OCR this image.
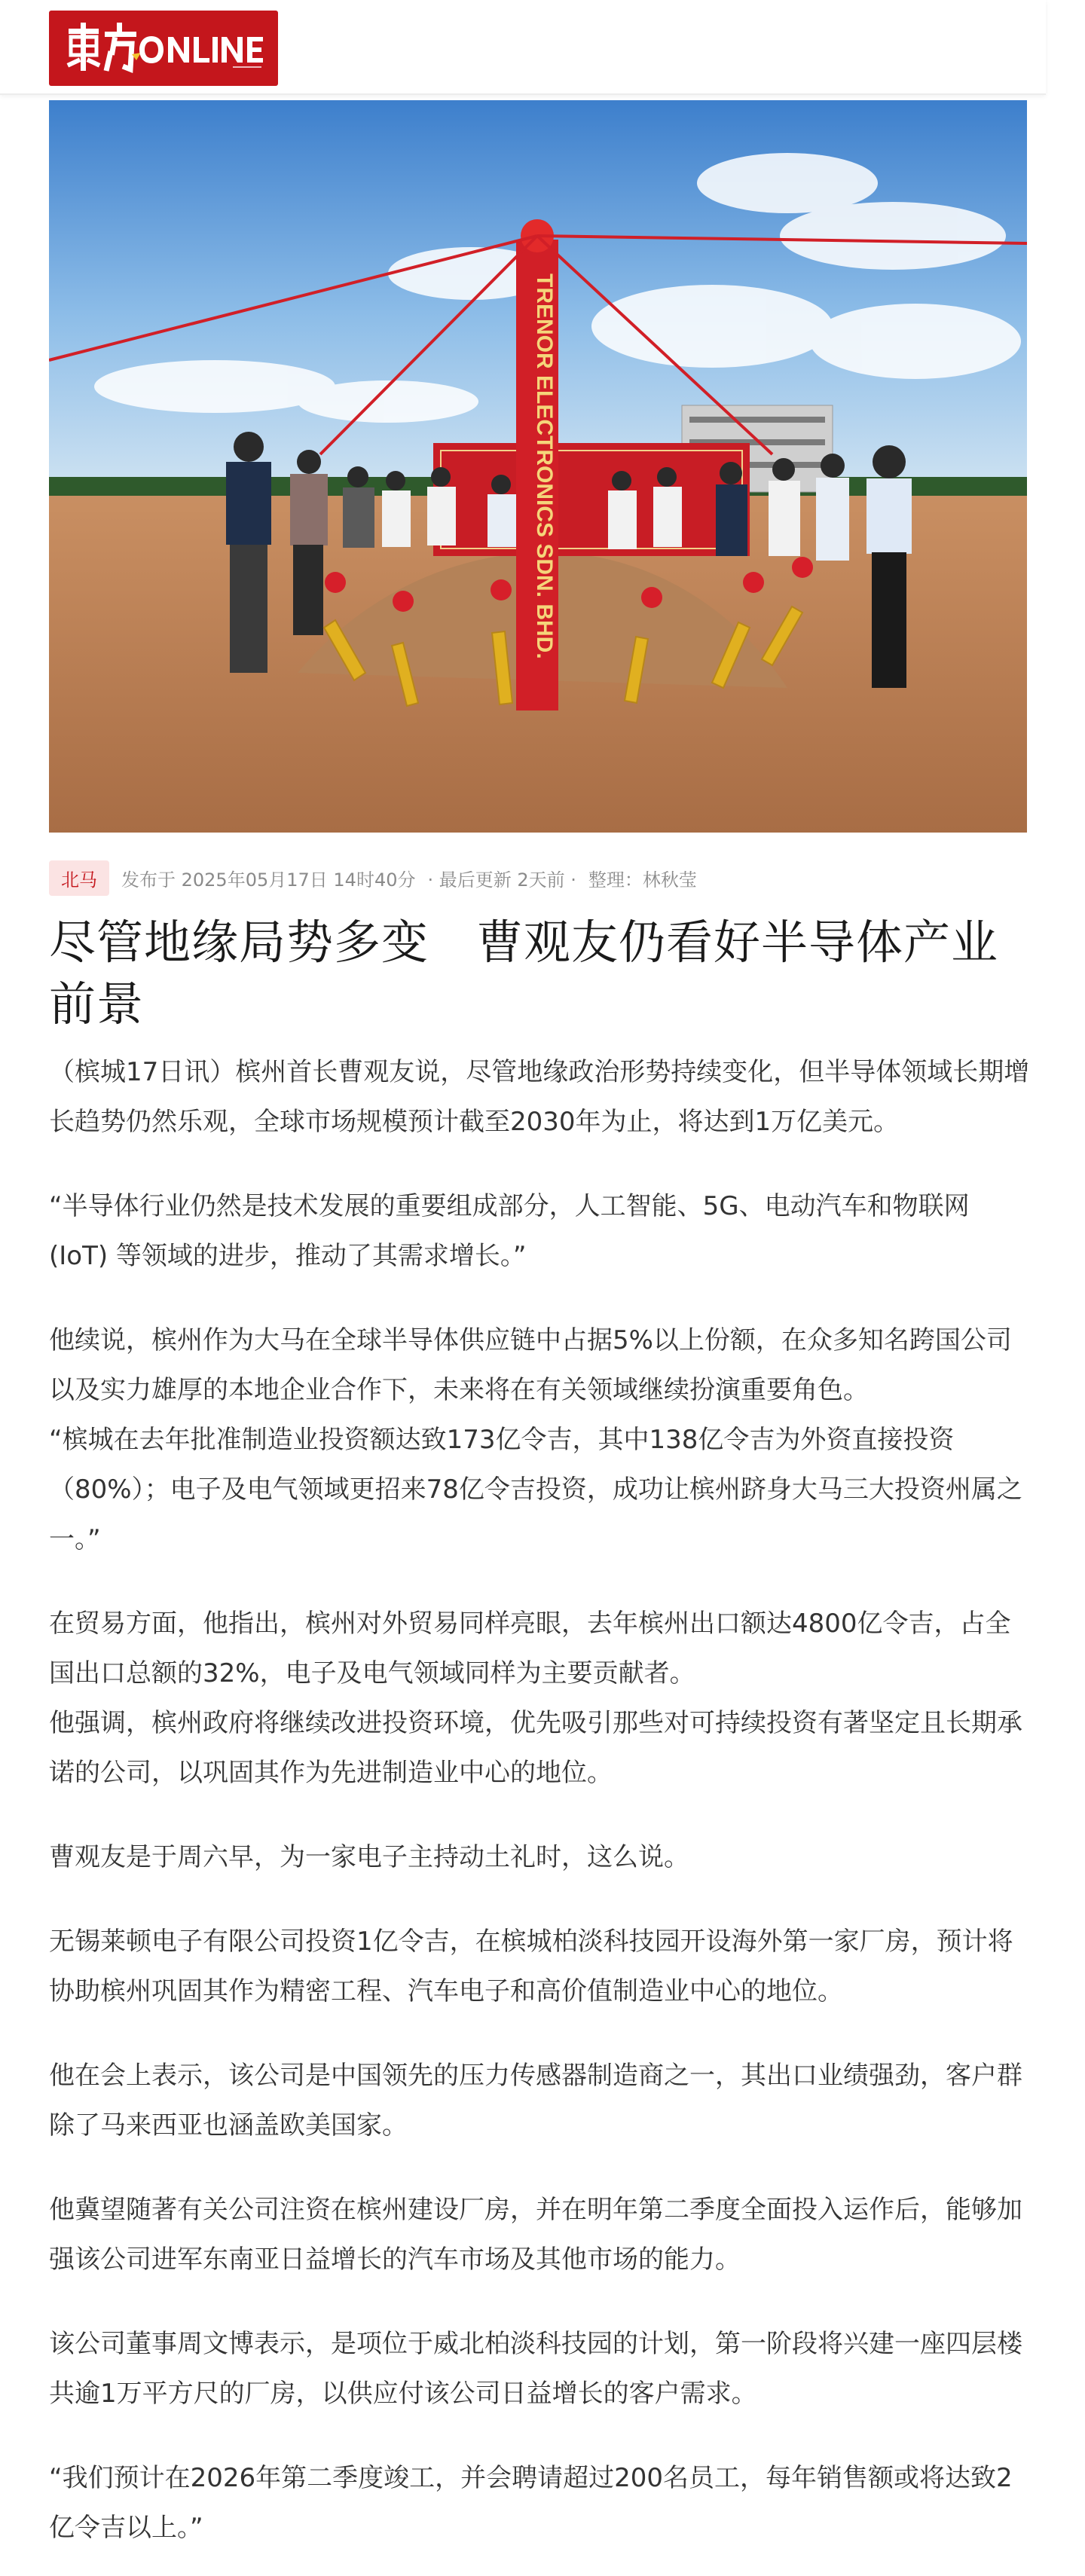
TRENOR ELECTRONICS SDN. BHD.
北马	发布于 2025年05月17日 14时40分 · 最后更新 2天前 · 整理：林秋莹
尽管地缘局势多变　曹观友仍看好半导体产业前景

（槟城17日讯）槟州首长曹观友说，尽管地缘政治形势持续变化，但半导体领域长期增长趋势仍然乐观，全球市场规模预计截至2030年为止，将达到1万亿美元。

“半导体行业仍然是技术发展的重要组成部分，人工智能、5G、电动汽车和物联网 (IoT) 等领域的进步，推动了其需求增长。”

他续说，槟州作为大马在全球半导体供应链中占据5%以上份额，在众多知名跨国公司以及实力雄厚的本地企业合作下，未来将在有关领域继续扮演重要角色。

“槟城在去年批准制造业投资额达致173亿令吉，其中138亿令吉为外资直接投资（80%）；电子及电气领域更招来78亿令吉投资，成功让槟州跻身大马三大投资州属之一。”

在贸易方面，他指出，槟州对外贸易同样亮眼，去年槟州出口额达4800亿令吉，占全国出口总额的32%，电子及电气领域同样为主要贡献者。

他强调，槟州政府将继续改进投资环境，优先吸引那些对可持续投资有著坚定且长期承诺的公司，以巩固其作为先进制造业中心的地位。

曹观友是于周六早，为一家电子主持动土礼时，这么说。

无锡莱顿电子有限公司投资1亿令吉，在槟城柏淡科技园开设海外第一家厂房，预计将协助槟州巩固其作为精密工程、汽车电子和高价值制造业中心的地位。

他在会上表示，该公司是中国领先的压力传感器制造商之一，其出口业绩强劲，客户群除了马来西亚也涵盖欧美国家。

他冀望随著有关公司注资在槟州建设厂房，并在明年第二季度全面投入运作后，能够加强该公司进军东南亚日益增长的汽车市场及其他市场的能力。

该公司董事周文博表示，是项位于威北柏淡科技园的计划，第一阶段将兴建一座四层楼共逾1万平方尺的厂房，以供应付该公司日益增长的客户需求。

“我们预计在2026年第二季度竣工，并会聘请超过200名员工，每年销售额或将达致2亿令吉以上。”
